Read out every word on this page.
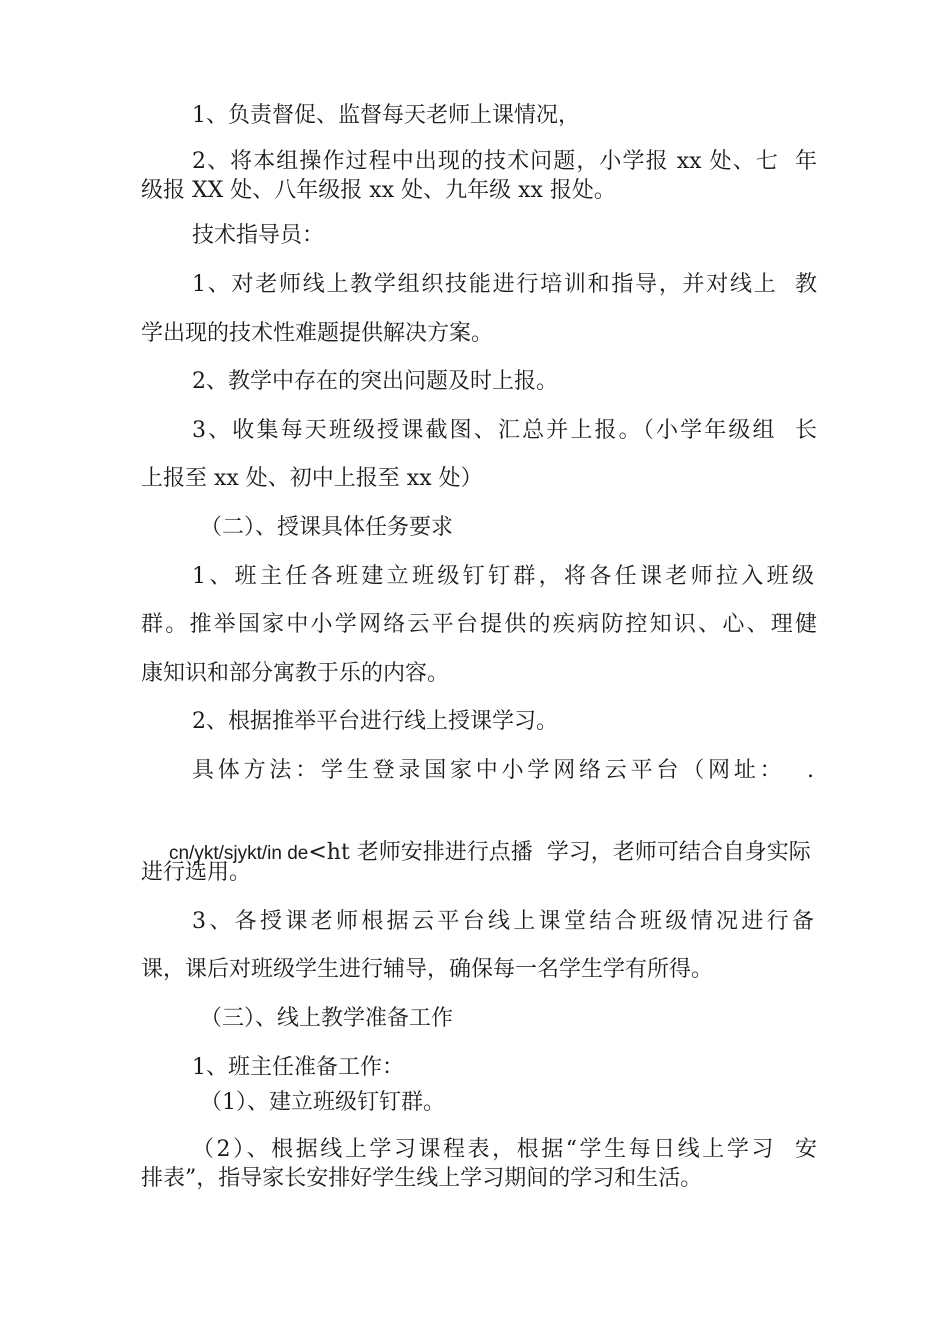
1、负责督促、监督每天老师上课情况，
2、将本组操作过程中出现的技术问题，小学报 xx 处、七  年
级报 XX 处、八年级报 xx 处、九年级 xx 报处。
技术指导员：
1、对老师线上教学组织技能进行培训和指导，并对线上  教
学出现的技术性难题提供解决方案。
2、教学中存在的突出问题及时上报。
3、收集每天班级授课截图、汇总并上报。（小学年级组  长
上报至 xx 处、初中上报至 xx 处）
（二）、授课具体任务要求
1、班主任各班建立班级钉钉群，将各任课老师拉入班级
群。推举国家中小学网络云平台提供的疾病防控知识、心、理健
康知识和部分寓教于乐的内容。
2、根据推举平台进行线上授课学习。
具体方法：学生登录国家中小学网络云平台（网址：  .

cn/ykt/sjykt/in de<ht 老师安排进行点播  学习，老师可结合自身实际

进行选用。
3、各授课老师根据云平台线上课堂结合班级情况进行备
课，课后对班级学生进行辅导，确保每一名学生学有所得。
（三）、线上教学准备工作
1、班主任准备工作：
（1）、建立班级钉钉群。
（2）、根据线上学习课程表，根据“学生每日线上学习  安
排表”，指导家长安排好学生线上学习期间的学习和生活。
